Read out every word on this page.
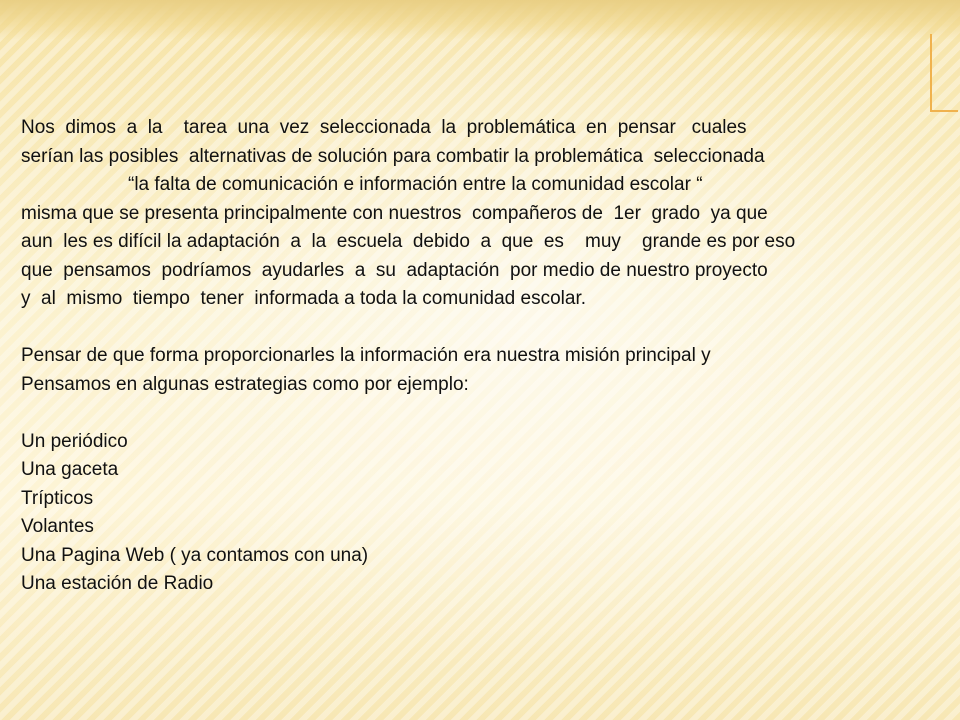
Nos  dimos  a  la    tarea  una  vez  seleccionada  la  problemática  en  pensar   cuales

serían las posibles  alternativas de solución para combatir la problemática  seleccionada

“la falta de comunicación e información entre la comunidad escolar “

misma que se presenta principalmente con nuestros  compañeros de  1er  grado  ya que

aun  les es difícil la adaptación  a  la  escuela  debido  a  que  es    muy    grande es por eso

que  pensamos  podríamos  ayudarles  a  su  adaptación  por medio de nuestro proyecto

y  al  mismo  tiempo  tener  informada a toda la comunidad escolar.

Pensar de que forma proporcionarles la información era nuestra misión principal y

Pensamos en algunas estrategias como por ejemplo:

Un periódico

Una gaceta

Trípticos

Volantes

Una Pagina Web ( ya contamos con una)

Una estación de Radio
